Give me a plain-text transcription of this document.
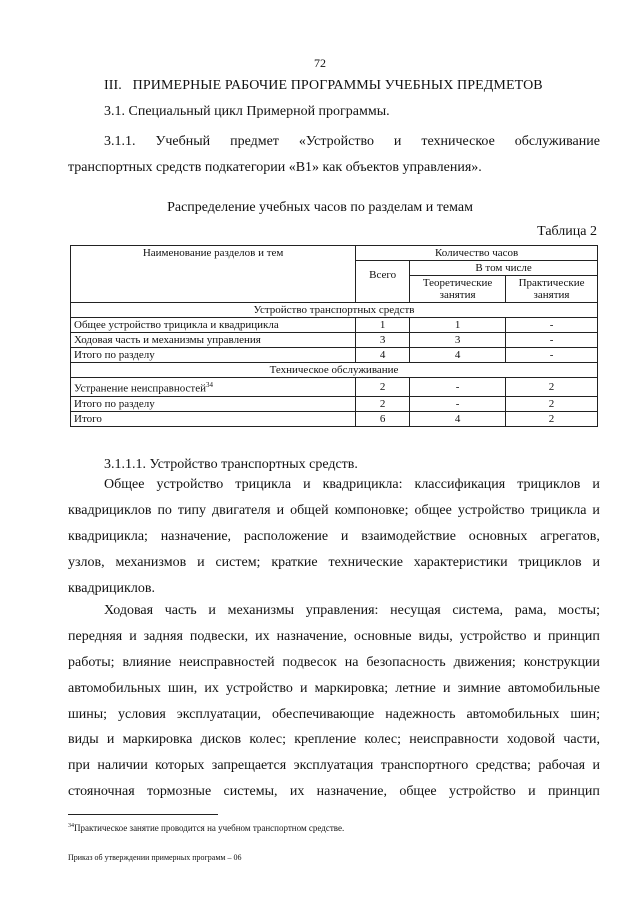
72
III.   ПРИМЕРНЫЕ РАБОЧИЕ ПРОГРАММЫ УЧЕБНЫХ ПРЕДМЕТОВ
3.1. Специальный цикл Примерной программы.
3.1.1. Учебный предмет «Устройство и техническое обслуживание
транспортных средств подкатегории «B1» как объектов управления».
Распределение учебных часов по разделам и темам
Таблица 2
Наименование разделов и тем	Количество часов		
	Всего	В том числе	
		Теоретические занятия	Практические занятия
Устройство транспортных средств			
Общее устройство трицикла и квадрицикла	1	1	-
Ходовая часть и механизмы управления	3	3	-
Итого по разделу	4	4	-
Техническое обслуживание			
Устранение неисправностей$^{34}$	2	-	2
Итого по разделу	2	-	2
Итого	6	4	2
3.1.1.1. Устройство транспортных средств.
Общее устройство трицикла и квадрицикла: классификация трициклов и
квадрициклов по типу двигателя и общей компоновке; общее устройство трицикла и
квадрицикла; назначение, расположение и взаимодействие основных агрегатов,
узлов, механизмов и систем; краткие технические характеристики трициклов и
квадрициклов.
Ходовая часть и механизмы управления: несущая система, рама, мосты;
передняя и задняя подвески, их назначение, основные виды, устройство и принцип
работы; влияние неисправностей подвесок на безопасность движения; конструкции
автомобильных шин, их устройство и маркировка; летние и зимние автомобильные
шины; условия эксплуатации, обеспечивающие надежность автомобильных шин;
виды и маркировка дисков колес; крепление колес; неисправности ходовой части,
при наличии которых запрещается эксплуатация транспортного средства; рабочая и
стояночная тормозные системы, их назначение, общее устройство и принцип
$^{34}$Практическое занятие проводится на учебном транспортном средстве.
Приказ об утверждении примерных программ – 06
